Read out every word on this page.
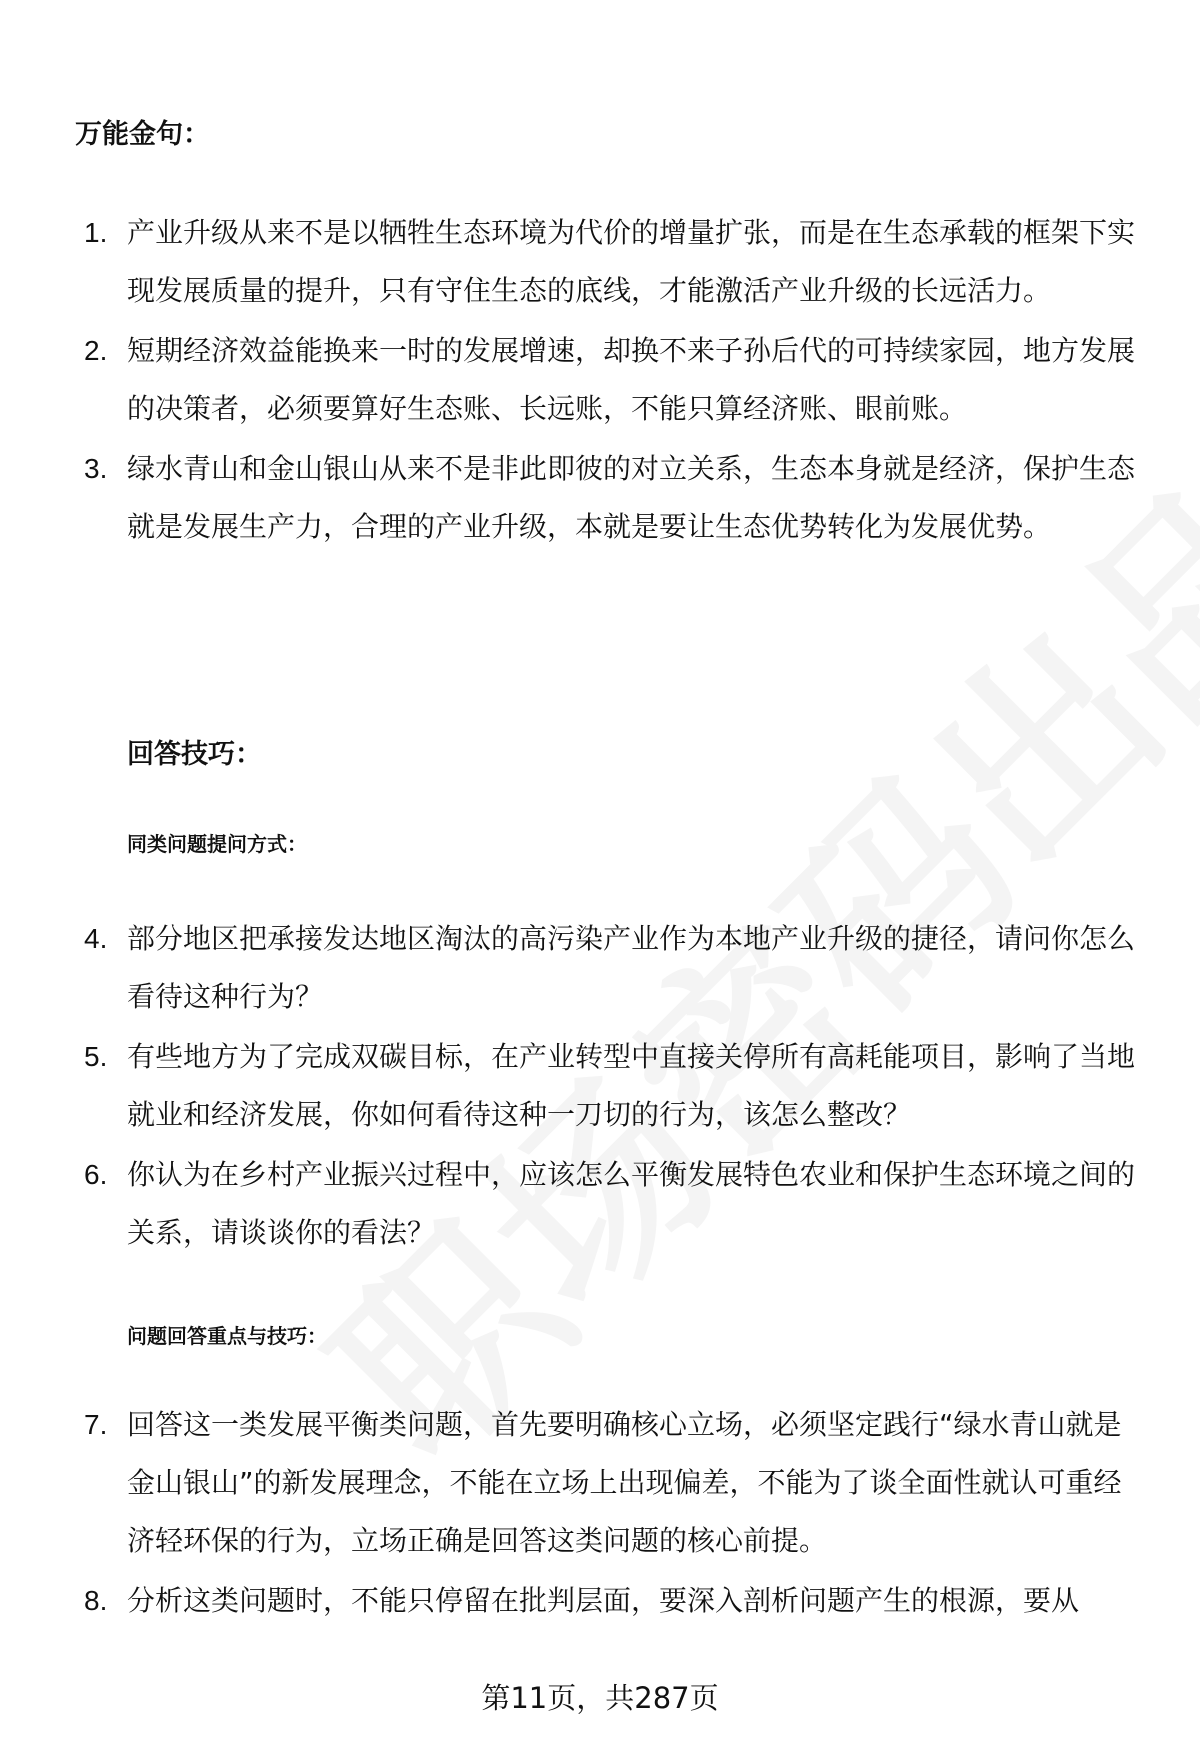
万能金句：
1. 产业升级从来不是以牺牲生态环境为代价的增量扩张，而是在生态承载的框架下实现发展质量的提升，只有守住生态的底线，才能激活产业升级的长远活力。
2. 短期经济效益能换来一时的发展增速，却换不来子孙后代的可持续家园，地方发展的决策者，必须要算好生态账、长远账，不能只算经济账、眼前账。
3. 绿水青山和金山银山从来不是非此即彼的对立关系，生态本身就是经济，保护生态就是发展生产力，合理的产业升级，本就是要让生态优势转化为发展优势。
回答技巧：
同类问题提问方式：
4. 部分地区把承接发达地区淘汰的高污染产业作为本地产业升级的捷径，请问你怎么看待这种行为？
5. 有些地方为了完成双碳目标，在产业转型中直接关停所有高耗能项目，影响了当地就业和经济发展，你如何看待这种一刀切的行为，该怎么整改？
6. 你认为在乡村产业振兴过程中，应该怎么平衡发展特色农业和保护生态环境之间的关系，请谈谈你的看法？
问题回答重点与技巧：
7. 回答这一类发展平衡类问题，首先要明确核心立场，必须坚定践行“绿水青山就是金山银山”的新发展理念，不能在立场上出现偏差，不能为了谈全面性就认可重经济轻环保的行为，立场正确是回答这类问题的核心前提。
8. 分析这类问题时，不能只停留在批判层面，要深入剖析问题产生的根源，要从

第11页，共287页
